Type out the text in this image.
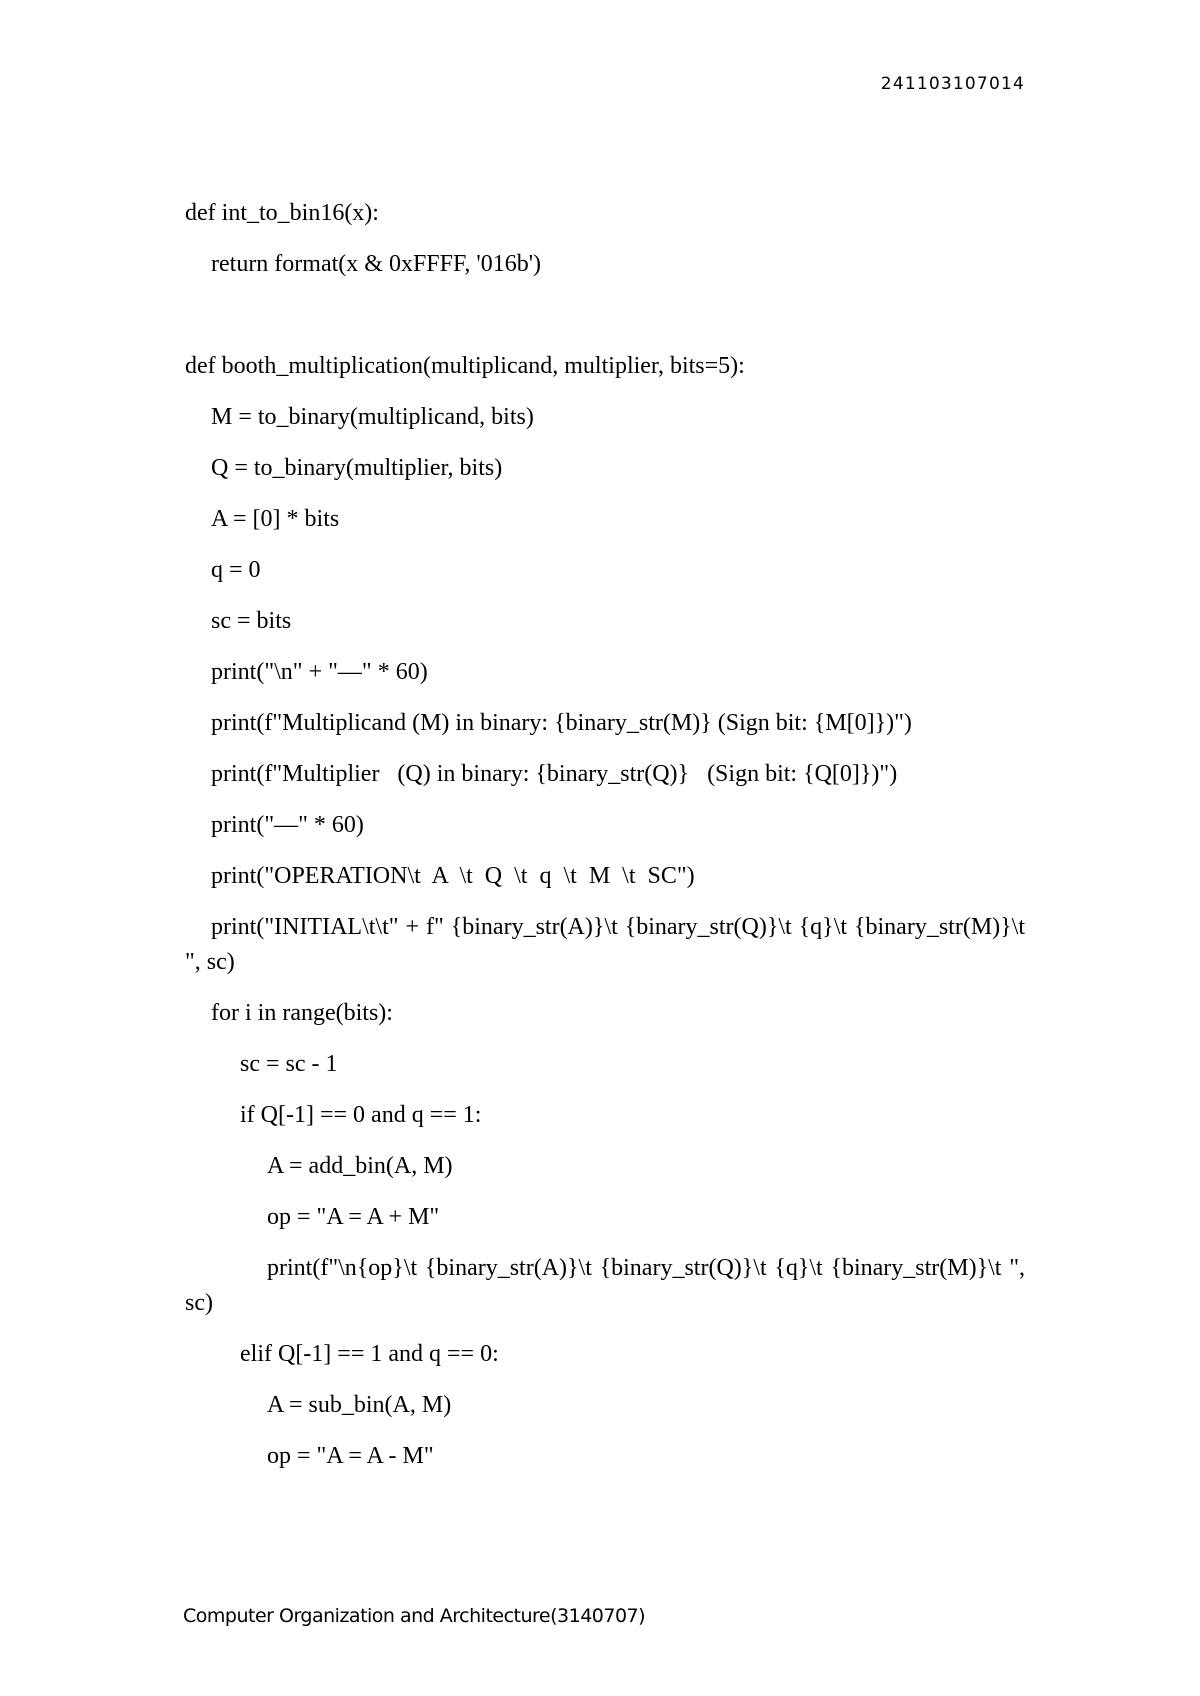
241103107014
def int_to_bin16(x):
return format(x & 0xFFFF, '016b')
def booth_multiplication(multiplicand, multiplier, bits=5):
M = to_binary(multiplicand, bits)
Q = to_binary(multiplier, bits)
A = [0] * bits
q = 0
sc = bits
print("\n" + "—" * 60)
print(f"Multiplicand (M) in binary: {binary_str(M)} (Sign bit: {M[0]})")
print(f"Multiplier   (Q) in binary: {binary_str(Q)}   (Sign bit: {Q[0]})")
print("—" * 60)
print("OPERATION\t  A  \t  Q  \t  q  \t  M  \t  SC")
print("INITIAL\t\t" + f" {binary_str(A)}\t {binary_str(Q)}\t {q}\t {binary_str(M)}\t ", sc)
for i in range(bits):
sc = sc - 1
if Q[-1] == 0 and q == 1:
A = add_bin(A, M)
op = "A = A + M"
print(f"\n{op}\t {binary_str(A)}\t {binary_str(Q)}\t {q}\t {binary_str(M)}\t ", sc)
elif Q[-1] == 1 and q == 0:
A = sub_bin(A, M)
op = "A = A - M"
Computer Organization and Architecture(3140707)
